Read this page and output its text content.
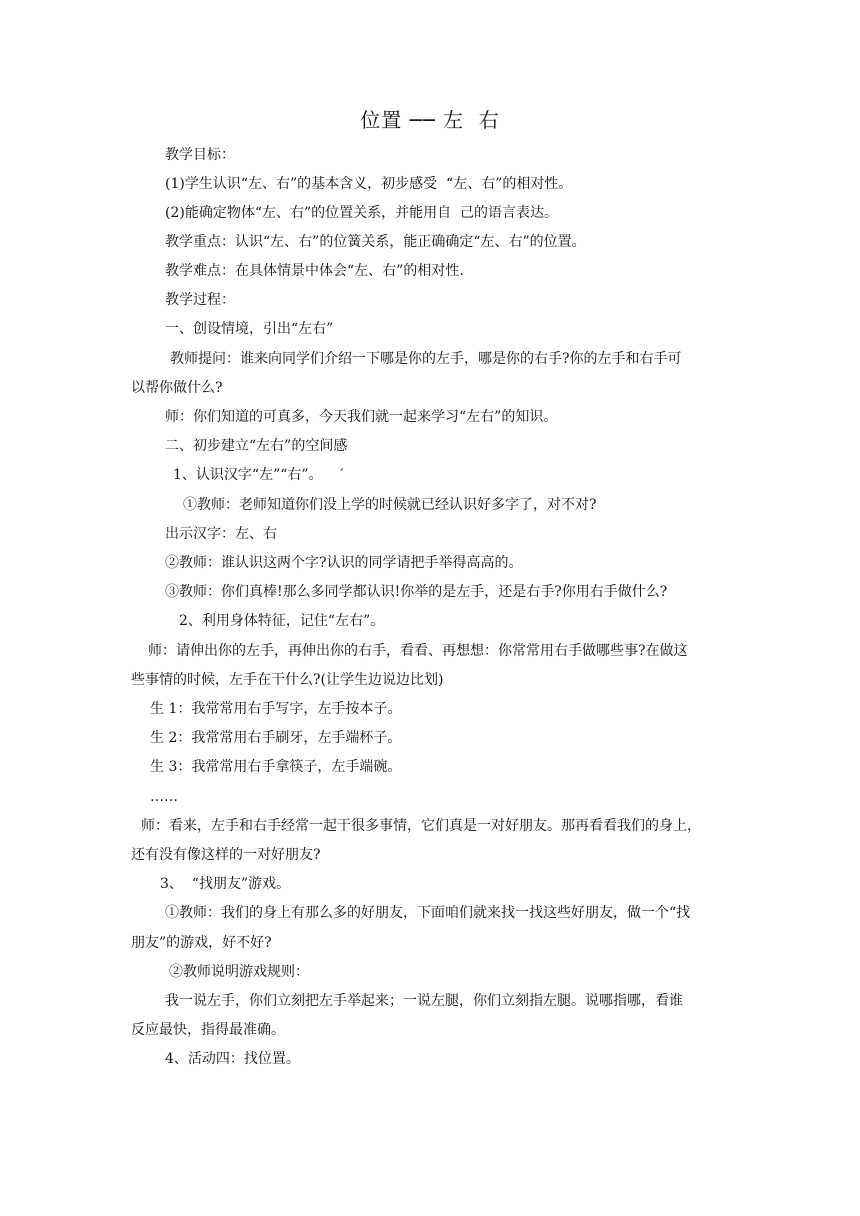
位置 ── 左  右
教学目标：
(1)学生认识“左、右”的基本含义，初步感受  “左、右”的相对性。
(2)能确定物体“左、右”的位置关系，并能用自  己的语言表达。
教学重点：认识“左、右”的位簧关系，能正确确定“左、右”的位置。
教学难点：在具体情景中体会“左、右”的相对性.
教学过程：
一、创设情境，引出“左右”
教师提问：谁来向同学们介绍一下哪是你的左手，哪是你的右手?你的左手和右手可
以帮你做什么?
师：你们知道的可真多，今天我们就一起来学习“左右”的知识。
二、初步建立“左右”的空间感
1、认识汉字“左”“右”。    ′
①教师：老师知道你们没上学的时候就已经认识好多字了，对不对?
出示汉字：左、右
②教师：谁认识这两个字?认识的同学请把手举得高高的。
③教师：你们真棒!那么多同学都认识!你举的是左手，还是右手?你用右手做什么?
2、利用身体特征，记住“左右”。
师：请伸出你的左手，再伸出你的右手，看看、再想想：你常常用右手做哪些事?在做这
些事情的时候，左手在干什么?(让学生边说边比划)
生 1：我常常用右手写字，左手按本子。
生 2：我常常用右手刷牙，左手端杯子。
生 3：我常常用右手拿筷子，左手端碗。
……
师：看来，左手和右手经常一起干很多事情，它们真是一对好朋友。那再看看我们的身上，
还有没有像这样的一对好朋友?
3、  “找朋友”游戏。
①教师：我们的身上有那么多的好朋友，下面咱们就来找一找这些好朋友，做一个“找
朋友”的游戏，好不好?
②教师说明游戏规则：
我一说左手，你们立刻把左手举起来；一说左腿，你们立刻指左腿。说哪指哪，看谁
反应最快，指得最准确。
4、活动四：找位置。
